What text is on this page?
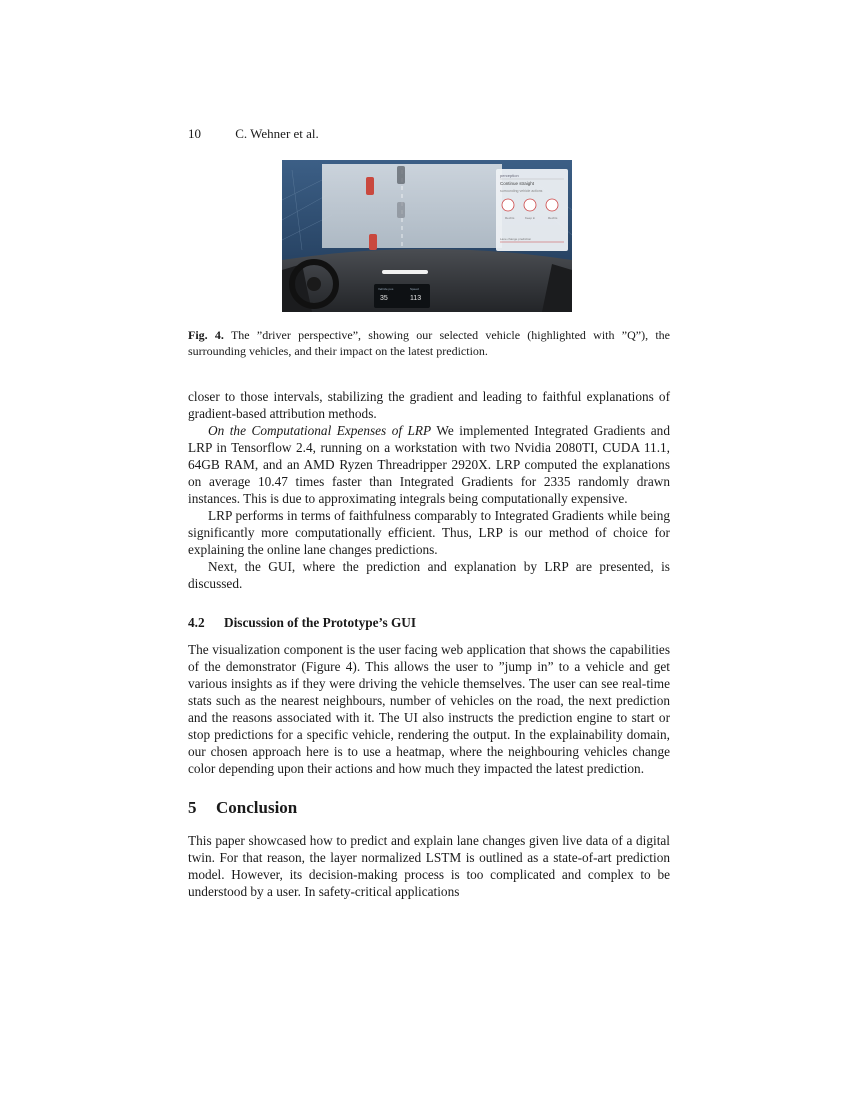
10	C. Wehner et al.
perception
Continue straight
surrounding vehicle actions
Rechts	Keep in	Rechts
Lane change prediction
Vehicle pos	Speed
35	113
Fig. 4. The ”driver perspective”, showing our selected vehicle (highlighted with ”Q”), the surrounding vehicles, and their impact on the latest prediction.

closer to those intervals, stabilizing the gradient and leading to faithful explanations of gradient-based attribution methods.

On the Computational Expenses of LRP We implemented Integrated Gradients and LRP in Tensorflow 2.4, running on a workstation with two Nvidia 2080TI, CUDA 11.1, 64GB RAM, and an AMD Ryzen Threadripper 2920X. LRP computed the explanations on average 10.47 times faster than Integrated Gradients for 2335 randomly drawn instances. This is due to approximating integrals being computationally expensive.

LRP performs in terms of faithfulness comparably to Integrated Gradients while being significantly more computationally efficient. Thus, LRP is our method of choice for explaining the online lane changes predictions.

Next, the GUI, where the prediction and explanation by LRP are presented, is discussed.

4.2 Discussion of the Prototype’s GUI

The visualization component is the user facing web application that shows the capabilities of the demonstrator (Figure 4). This allows the user to ”jump in” to a vehicle and get various insights as if they were driving the vehicle themselves. The user can see real-time stats such as the nearest neighbours, number of vehicles on the road, the next prediction and the reasons associated with it. The UI also instructs the prediction engine to start or stop predictions for a specific vehicle, rendering the output. In the explainability domain, our chosen approach here is to use a heatmap, where the neighbouring vehicles change color depending upon their actions and how much they impacted the latest prediction.

5 Conclusion

This paper showcased how to predict and explain lane changes given live data of a digital twin. For that reason, the layer normalized LSTM is outlined as a state-of-art prediction model. However, its decision-making process is too complicated and complex to be understood by a user. In safety-critical applications
